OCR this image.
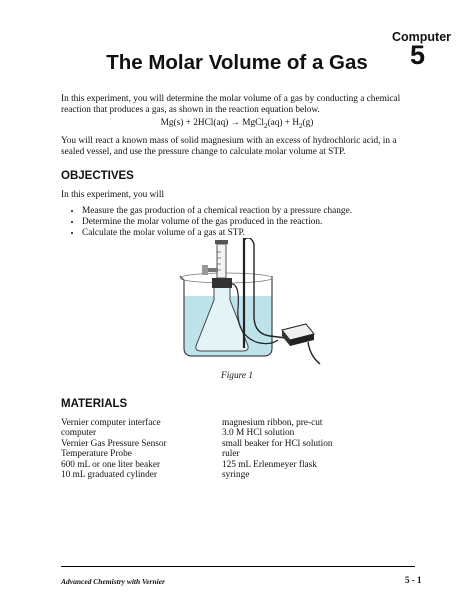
Computer
5
The Molar Volume of a Gas
In this experiment, you will determine the molar volume of a gas by conducting a chemical reaction that produces a gas, as shown in the reaction equation below.
Mg(s) + 2HCl(aq) → MgCl$_2$(aq) + $H_2(g)$
You will react a known mass of solid magnesium with an excess of hydrochloric acid, in a sealed vessel, and use the pressure change to calculate molar volume at STP.
OBJECTIVES
In this experiment, you will
• Measure the gas production of a chemical reaction by a pressure change.
• Determine the molar volume of the gas produced in the reaction.
• Calculate the molar volume of a gas at STP.
Figure 1
MATERIALS
Vernier computer interface
computer
Vernier Gas Pressure Sensor
Temperature Probe
600 mL or one liter beaker
10 mL graduated cylinder
magnesium ribbon, pre-cut
3.0 M HCl solution
small beaker for HCl solution
ruler
125 mL Erlenmeyer flask
syringe
Advanced Chemistry with Vernier	5 - 1
